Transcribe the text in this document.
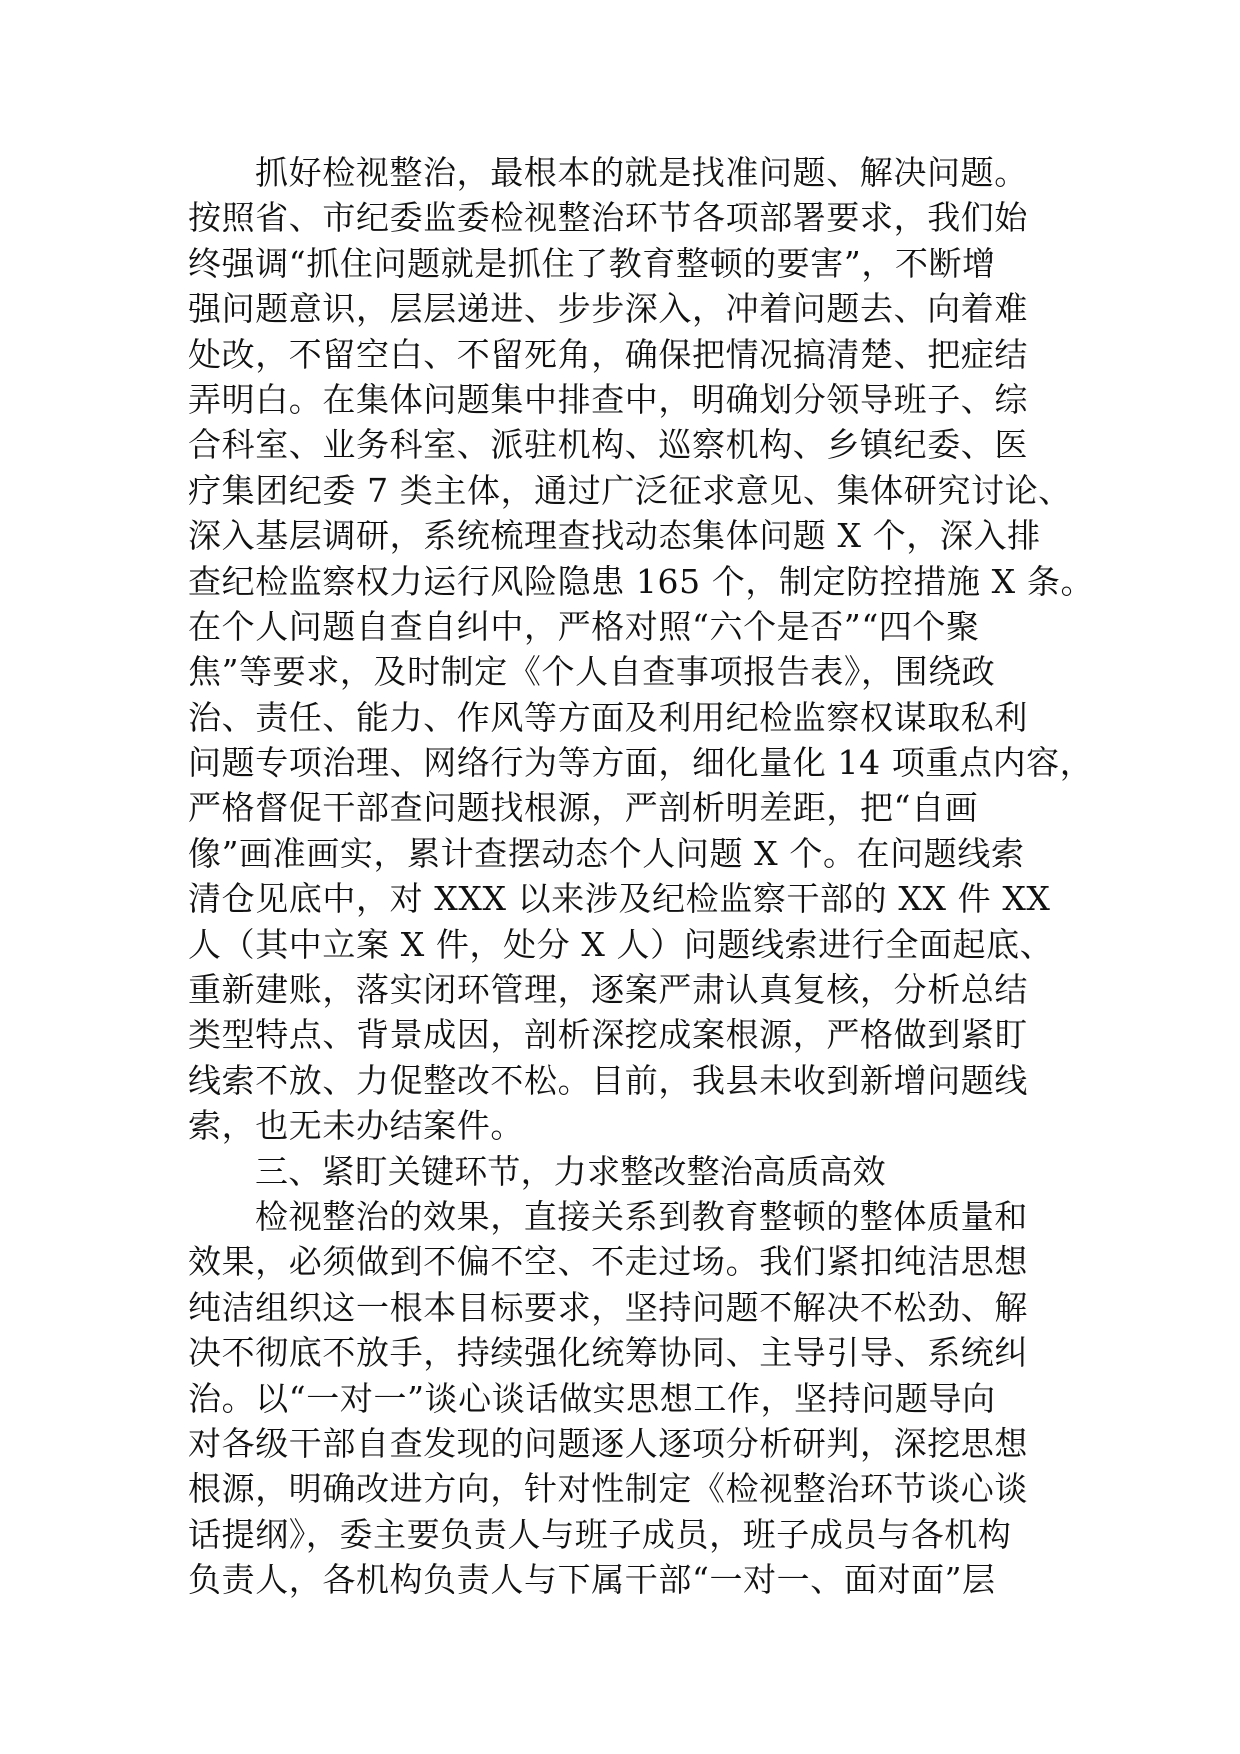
抓好检视整治，最根本的就是找准问题、解决问题。
按照省、市纪委监委检视整治环节各项部署要求，我们始
终强调“抓住问题就是抓住了教育整顿的要害”，不断增
强问题意识，层层递进、步步深入，冲着问题去、向着难
处改，不留空白、不留死角，确保把情况搞清楚、把症结
弄明白。在集体问题集中排查中，明确划分领导班子、综
合科室、业务科室、派驻机构、巡察机构、乡镇纪委、医
疗集团纪委 7 类主体，通过广泛征求意见、集体研究讨论、
深入基层调研，系统梳理查找动态集体问题 X 个，深入排
查纪检监察权力运行风险隐患 165 个，制定防控措施 X 条。
在个人问题自查自纠中，严格对照“六个是否”“四个聚
焦”等要求，及时制定《个人自查事项报告表》，围绕政
治、责任、能力、作风等方面及利用纪检监察权谋取私利
问题专项治理、网络行为等方面，细化量化 14 项重点内容，
严格督促干部查问题找根源，严剖析明差距，把“自画
像”画准画实，累计查摆动态个人问题 X 个。在问题线索
清仓见底中，对 XXX 以来涉及纪检监察干部的 XX 件 XX
人（其中立案 X 件，处分 X 人）问题线索进行全面起底、
重新建账，落实闭环管理，逐案严肃认真复核，分析总结
类型特点、背景成因，剖析深挖成案根源，严格做到紧盯
线索不放、力促整改不松。目前，我县未收到新增问题线
索，也无未办结案件。
三、紧盯关键环节，力求整改整治高质高效
检视整治的效果，直接关系到教育整顿的整体质量和
效果，必须做到不偏不空、不走过场。我们紧扣纯洁思想
纯洁组织这一根本目标要求，坚持问题不解决不松劲、解
决不彻底不放手，持续强化统筹协同、主导引导、系统纠
治。以“一对一”谈心谈话做实思想工作，坚持问题导向
对各级干部自查发现的问题逐人逐项分析研判，深挖思想
根源，明确改进方向，针对性制定《检视整治环节谈心谈
话提纲》，委主要负责人与班子成员，班子成员与各机构
负责人，各机构负责人与下属干部“一对一、面对面”层
